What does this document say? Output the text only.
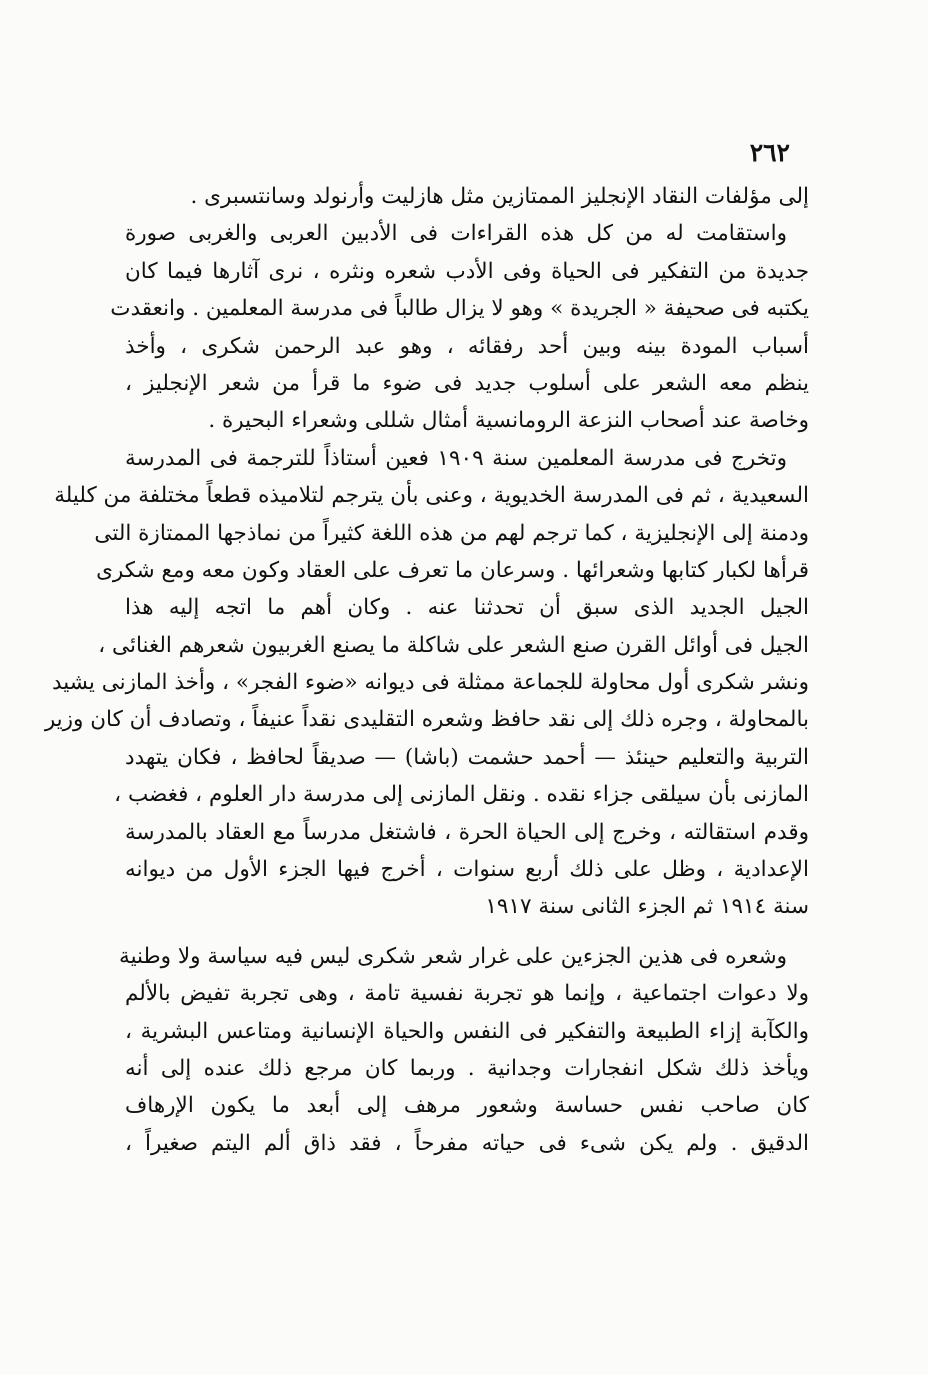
٢٦٢
إلى مؤلفات النقاد الإنجليز الممتازين مثل هازليت وأرنولد وسانتسبرى .
واستقامت له من كل هذه القراءات فى الأدبين العربى والغربى صورة
جديدة من التفكير فى الحياة وفى الأدب شعره ونثره ، نرى آثارها فيما كان
يكتبه فى صحيفة « الجريدة » وهو لا يزال طالباً فى مدرسة المعلمين . وانعقدت
أسباب المودة بينه وبين أحد رفقائه ، وهو عبد الرحمن شكرى ، وأخذ
ينظم معه الشعر على أسلوب جديد فى ضوء ما قرأ من شعر الإنجليز ،
وخاصة عند أصحاب النزعة الرومانسية أمثال شللى وشعراء البحيرة .
وتخرج فى مدرسة المعلمين سنة ١٩٠٩ فعين أستاذاً للترجمة فى المدرسة
السعيدية ، ثم فى المدرسة الخديوية ، وعنى بأن يترجم لتلاميذه قطعاً مختلفة من كليلة
ودمنة إلى الإنجليزية ، كما ترجم لهم من هذه اللغة كثيراً من نماذجها الممتازة التى
قرأها لكبار كتابها وشعرائها . وسرعان ما تعرف على العقاد وكون معه ومع شكرى
الجيل الجديد الذى سبق أن تحدثنا عنه . وكان أهم ما اتجه إليه هذا
الجيل فى أوائل القرن صنع الشعر على شاكلة ما يصنع الغربيون شعرهم الغنائى ،
ونشر شكرى أول محاولة للجماعة ممثلة فى ديوانه «ضوء الفجر» ، وأخذ المازنى يشيد
بالمحاولة ، وجره ذلك إلى نقد حافظ وشعره التقليدى نقداً عنيفاً ، وتصادف أن كان وزير
التربية والتعليم حينئذ — أحمد حشمت (باشا) — صديقاً لحافظ ، فكان يتهدد
المازنى بأن سيلقى جزاء نقده . ونقل المازنى إلى مدرسة دار العلوم ، فغضب ،
وقدم استقالته ، وخرج إلى الحياة الحرة ، فاشتغل مدرساً مع العقاد بالمدرسة
الإعدادية ، وظل على ذلك أربع سنوات ، أخرج فيها الجزء الأول من ديوانه
سنة ١٩١٤ ثم الجزء الثانى سنة ١٩١٧
وشعره فى هذين الجزءين على غرار شعر شكرى ليس فيه سياسة ولا وطنية
ولا دعوات اجتماعية ، وإنما هو تجربة نفسية تامة ، وهى تجربة تفيض بالألم
والكآبة إزاء الطبيعة والتفكير فى النفس والحياة الإنسانية ومتاعس البشرية ،
ويأخذ ذلك شكل انفجارات وجدانية . وربما كان مرجع ذلك عنده إلى أنه
كان صاحب نفس حساسة وشعور مرهف إلى أبعد ما يكون الإرهاف
الدقيق . ولم يكن شىء فى حياته مفرحاً ، فقد ذاق ألم اليتم صغيراً ،
